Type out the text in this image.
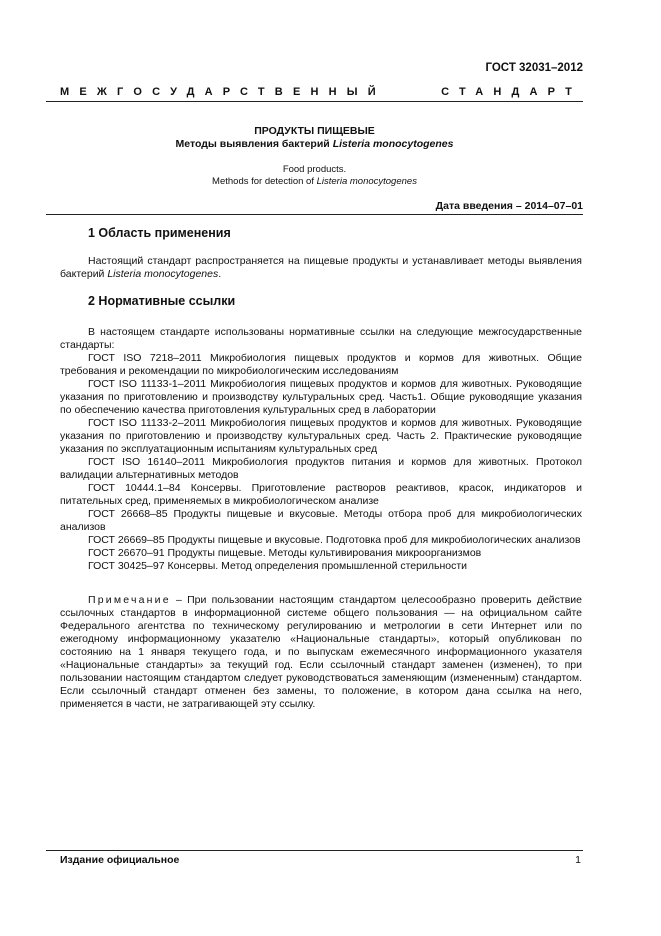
ГОСТ 32031–2012
МЕЖГОСУДАРСТВЕННЫЙ	СТАНДАРТ
ПРОДУКТЫ ПИЩЕВЫЕ
Методы выявления бактерий Listeria monocytogenes
Food products.
Methods for detection of Listeria monocytogenes
Дата введения – 2014–07–01
1 Область применения

Настоящий стандарт распространяется на пищевые продукты и устанавливает методы выявления бактерий Listeria monocytogenes.

2 Нормативные ссылки

В настоящем стандарте использованы нормативные ссылки на следующие межгосударственные стандарты:

ГОСТ ISO 7218–2011 Микробиология пищевых продуктов и кормов для животных. Общие требования и рекомендации по микробиологическим исследованиям

ГОСТ ISO 11133-1–2011 Микробиология пищевых продуктов и кормов для животных. Руководящие указания по приготовлению и производству культуральных сред. Часть1. Общие руководящие указания по обеспечению качества приготовления культуральных сред в лаборатории

ГОСТ ISO 11133-2–2011 Микробиология пищевых продуктов и кормов для животных. Руководящие указания по приготовлению и производству культуральных сред. Часть 2. Практические руководящие указания по эксплуатационным испытаниям культуральных сред

ГОСТ ISO 16140–2011 Микробиология продуктов питания и кормов для животных. Протокол валидации альтернативных методов

ГОСТ 10444.1–84 Консервы. Приготовление растворов реактивов, красок, индикаторов и питательных сред, применяемых в микробиологическом анализе

ГОСТ 26668–85 Продукты пищевые и вкусовые. Методы отбора проб для микробиологических анализов

ГОСТ 26669–85 Продукты пищевые и вкусовые. Подготовка проб для микробиологических анализов

ГОСТ 26670–91 Продукты пищевые. Методы культивирования микроорганизмов

ГОСТ 30425–97 Консервы. Метод определения промышленной стерильности

Примечание – При пользовании настоящим стандартом целесообразно проверить действие ссылочных стандартов в информационной системе общего пользования — на официальном сайте Федерального агентства по техническому регулированию и метрологии в сети Интернет или по ежегодному информационному указателю «Национальные стандарты», который опубликован по состоянию на 1 января текущего года, и по выпускам ежемесячного информационного указателя «Национальные стандарты» за текущий год. Если ссылочный стандарт заменен (изменен), то при пользовании настоящим стандартом следует руководствоваться заменяющим (измененным) стандартом. Если ссылочный стандарт отменен без замены, то положение, в котором дана ссылка на него, применяется в части, не затрагивающей эту ссылку.

Издание официальное	1
